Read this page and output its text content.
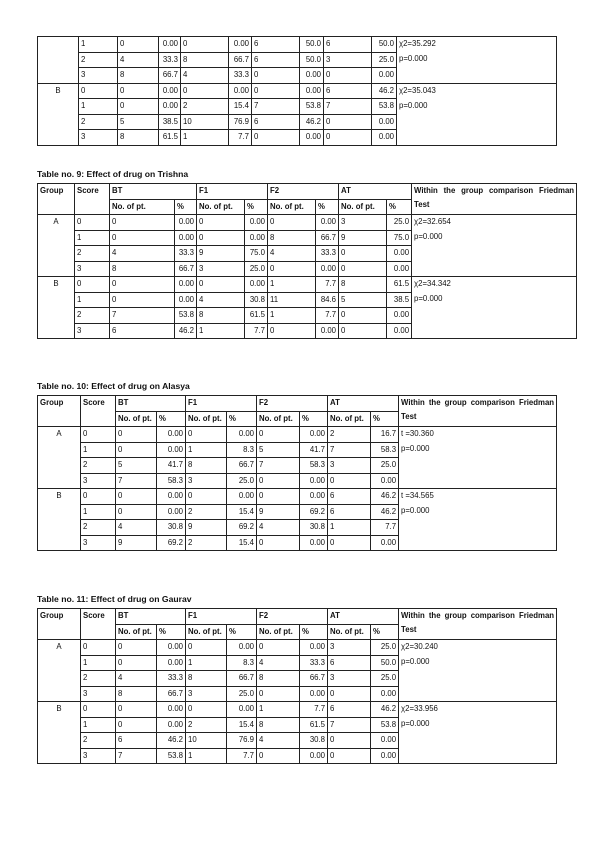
	1	0	0.00	0	0.00	6	50.0	6	50.0	χ2=35.292
	2	4	33.3	8	66.7	6	50.0	3	25.0	p=0.000
	3	8	66.7	4	33.3	0	0.00	0	0.00	
B	0	0	0.00	0	0.00	0	0.00	6	46.2	χ2=35.043
	1	0	0.00	2	15.4	7	53.8	7	53.8	p=0.000
	2	5	38.5	10	76.9	6	46.2	0	0.00	
	3	8	61.5	1	7.7	0	0.00	0	0.00	
Table no. 9: Effect of drug on Trishna
Group	Score	BT		F1		F2		AT		Within the group comparison Friedman Test
		No. of pt.	%	No. of pt.	%	No. of pt.	%	No. of pt.	%	
A	0	0	0.00	0	0.00	0	0.00	3	25.0	χ2=32.654
	1	0	0.00	0	0.00	8	66.7	9	75.0	p=0.000
	2	4	33.3	9	75.0	4	33.3	0	0.00	
	3	8	66.7	3	25.0	0	0.00	0	0.00	
B	0	0	0.00	0	0.00	1	7.7	8	61.5	χ2=34.342
	1	0	0.00	4	30.8	11	84.6	5	38.5	p=0.000
	2	7	53.8	8	61.5	1	7.7	0	0.00	
	3	6	46.2	1	7.7	0	0.00	0	0.00	
Table no. 10: Effect of drug on Alasya
Group	Score	BT		F1		F2		AT		Within the group comparison Friedman Test
		No. of pt.	%	No. of pt.	%	No. of pt.	%	No. of pt.	%	
A	0	0	0.00	0	0.00	0	0.00	2	16.7	t =30.360
	1	0	0.00	1	8.3	5	41.7	7	58.3	p=0.000
	2	5	41.7	8	66.7	7	58.3	3	25.0	
	3	7	58.3	3	25.0	0	0.00	0	0.00	
B	0	0	0.00	0	0.00	0	0.00	6	46.2	t =34.565
	1	0	0.00	2	15.4	9	69.2	6	46.2	p=0.000
	2	4	30.8	9	69.2	4	30.8	1	7.7	
	3	9	69.2	2	15.4	0	0.00	0	0.00	
Table no. 11: Effect of drug on Gaurav
Group	Score	BT		F1		F2		AT		Within the group comparison Friedman Test
		No. of pt.	%	No. of pt.	%	No. of pt.	%	No. of pt.	%	
A	0	0	0.00	0	0.00	0	0.00	3	25.0	χ2=30.240
	1	0	0.00	1	8.3	4	33.3	6	50.0	p=0.000
	2	4	33.3	8	66.7	8	66.7	3	25.0	
	3	8	66.7	3	25.0	0	0.00	0	0.00	
B	0	0	0.00	0	0.00	1	7.7	6	46.2	χ2=33.956
	1	0	0.00	2	15.4	8	61.5	7	53.8	p=0.000
	2	6	46.2	10	76.9	4	30.8	0	0.00	
	3	7	53.8	1	7.7	0	0.00	0	0.00	
